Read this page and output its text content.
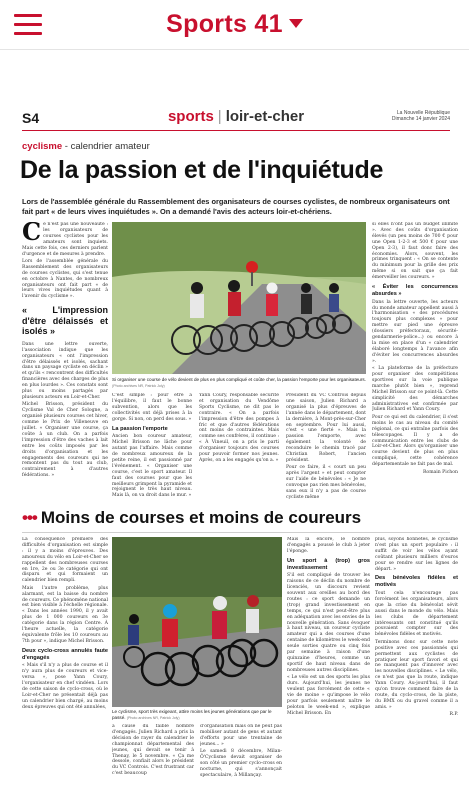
Sports 41
S4	sports | loir-et-cher	La Nouvelle République
Dimanche 14 janvier 2024
cyclisme - calendrier amateur
De la passion et de l'inquiétude
Lors de l'assemblée générale du Rassemblement des organisateurs de courses cyclistes, de nombreux organisateurs ont fait part « de leurs vives inquiétudes ». On a demandé l'avis des acteurs loir-et-chériens.

Ce n'est pas une nouveauté : les organisateurs de courses cyclistes pour les amateurs sont inquiets. Mais cette fois, ces derniers parlent d'urgence et de mesures à prendre.

Lors de l'assemblée générale du Rassemblement des organisateurs de courses cyclistes, qui s'est tenue en octobre à Nantes, de nombreux organisateurs ont fait part « de leurs vives inquiétudes quant à l'avenir du cyclisme ».

« L'impression d'être délaissés et isolés »

Dans une lettre ouverte, l'association indique que les organisateurs « ont l'impression d'être délaissés et isolés, sachant dans un paysage cycliste en déclin » et qu'ils « rencontrent des difficultés financières avec des charges de plus en plus lourdes ». Ces constats sont plus ou moins partagés par plusieurs acteurs en Loir-et-Cher.

Michel Brisson, président du Cyclisme Val de Cher Sologne, a organisé plusieurs courses cet hiver, comme le Prix de Villeneuve en juillet. « Organiser une course, ça coûte à un club. On a parfois l'impression d'être des vaches à lait entre les coûts imposés par les droits d'organisation et les engagements des coureurs qui ne remontent pas du tout au club, contrairement à d'autres fédérations. »

Si organiser une course de vélo devient de plus en plus compliqué et coûte cher, la passion l'emporte pour les organisateurs. (Photo archives NR, Patrick Joly)

C'est simple : pour être à l'équilibre, il faut le bonne subvention, alors que les collectivités ont déjà prises à la gorge. Si non, on perd des sous. »

La passion l'emporte

Ancien bon coureur amateur, Michel Brisson ne lâche pour autant pas l'affaire. Mais comme de nombreux amoureux de la petite reine, il est passionné par l'événement. « Organiser une course, c'est le sport amateur. Il faut des courses pour que les meilleurs grimpent la pyramide et rejoignent le très haut niveau. Mais là, on va droit dans le mur. »

Yann Coury, responsable sécurité et organisation du Vendôme Sports Cyclisme, ne dit pas le contraire. « On a parfois l'impression d'être des pompes à fric et que d'autres fédérations ont moins de contraintes. Mais comme ses confrères, il continue : « À Vineuil, on a pris le parti d'organiser toujours des courses pour pouvoir former nos jeunes. Après, on a les engagés qu'on a. »

Président du VC Controis depuis une saison, Julien Richard a organisé la plus d'épreuves de l'année dans le département, dont la dernière, à Mont-près-sur-Cher en septembre. Pour lui aussi, c'est « une fierté ». Mais la passion l'emporte, avec également la volonté de reconduire le chemin tracé par Christian Robert, l'ancien président.

Pour ce faire, il « court un peu après l'argent » et peut compter sur l'aide de bénévoles : « Je ne convoque pas rien mes bénévoles, sans eux il n'y a pas de course cycliste même

si elles n'ont pas un budget illimité ». Avec des coûts d'organisation élevés (un peu moins de 700 € pour une Open 1-2-3 et 500 € pour une Open 2-3), il faut donc faire des économies. Alors, souvent, les primes trinquent : « On se contente du minimum pour la grille des prix même si on sait que ça fait émerveiller les coureurs. »

« Éviter les concurrences absurdes »

Dans la lettre ouverte, les acteurs du monde amateur appellent aussi à l'harmonisation « des procédures toujours plus complexes » pour mettre sur pied une épreuve (dossiers préfectoraux, sécurité-gendarmerie-police...) ou encore à la mise en place d'un « calendrier élaboré longtemps à l'avance afin d'éviter les concurrences absurdes ».

« La plateforme de la préfecture pour organiser des compétitions sportives sur la voie publique marche plutôt bien », reprend Michel Brisson sur ce point-là. Cette simplicité des démarches administratives est confirmée par Julien Richard et Yann Coury.

Pour ce qui est du calendrier, il s'est moins le cas au niveau du comité régional, ce qui entraîne parfois des télescopages. Il y a de communication entre les clubs de Loir-et-Cher. Alors qu'organiser une course devient de plus en plus compliqué, cette cohérence départementale ne fait pas de mal.

Romain Pichon

••• Moins de courses et moins de coureurs

La conséquence première des difficultés d'organisation est simple : il y a moins d'épreuves. Des amoureux du vélo en Loir-et-Cher se rappellent des nombreuses courses en 1re, 2e ou 3e catégorie qui ont disparu et qui formaient un calendrier bien rempli.

Mais l'autre problème, plus alarmant, est la baisse du nombre de coureurs. Ce phénomène national est bien visible à l'échelle régionale. « Dans les années 1990, il y avait plus de 1 000 coureurs en 3e catégorie dans la région Centre. À l'heure actuelle, la catégorie équivalente frôle les 10 coureurs au 7th pour », indique Michel Brisson.

Deux cyclo-cross annulés faute d'engagés

« Mais s'il n'y a plus de course et il n'y aura plus de coureurs et vice-versa », pose Yann Coury, l'organisateur en chef vindéen. Lors de cette saison de cyclo-cross, où le Loir-et-Cher ne présentait déjà pas un calendrier bien chargé, au moins deux épreuves qui ont été annulées,

Le cyclisme, sport très exigeant, attire moins les jeunes générations que par le passé. (Photo archives NR, Patrick Joly)

à cause du faible nombre d'engagés. Julien Richard a pris la décision de rayer du calendrier le championnat départemental des jeunes, qui devait se tenir à Thenay, le 5 novembre. « Ça me dessole, confiait alors le président du VC Controis. C'est frustrant car c'est beaucoup

d'organisation mais on ne peut pas mobiliser autant de gens et autant d'efforts pour une trentaine de jeunes... »

Le samedi 8 décembre, Milan-Ô'Cyclisme devait organiser de son côté un premier cyclo-cross en nocturne, qui s'annonçait spectaculaire, à Millançay.

Mais là encore, le nombre d'engagés a poussé le club à jeter l'éponge.

Un sport à (trop) gros investissement

S'il est compliqué de trouver les raisons de ce déclin du nombre de licenciés, un discours revient souvent aux oreilles au bord des routes : ce sport demande un (trop) grand investissement en temps, ce qui n'est peut-être plus en adéquation avec les envies de la nouvelle génération. Sans évoquer à haut niveau, un coureur cycliste amateur qui a des courses d'une centaine de kilomètres le week-end seule sorties quatre ou cinq fois par semaine à raison d'une quinzaine d'heures, comme un sportif de haut niveau dans de nombreuses autres disciplines.

« Le vélo est un des sports les plus durs. Aujourd'hui, les jeunes ne veulent pas forcément de cette « vie de moine » qu'impose le vélo pour parfois seulement naître le peloton le week-end », explique Michel Brisson. En

plus, soyons honnêtes, le cyclisme n'est plus un sport populaire : il suffit de voir les vélos ayant coûtant plusieurs milliers d'euros pour se rendre sur les lignes de départ. »

Des bénévoles fidèles et motivés

Tout cela n'encourage pas forcément les organisateurs, alors que la crise du bénévolat sévit aussi dans le monde du vélo. Mais les clubs de département intéressants ont constitué qu'ils pouvaient compter sur des bénévoles fidèles et motivés.

Terminons donc sur cette note positive avec ces passionnés qui permettent aux cyclistes de pratiquer leur sport favori et qui ne manquent pas d'innover avec les nouvelles disciplines. « Le vélo, ce n'est pas que la route, indique Yann Coury. Au-jourd'hui, il faut qu'on trouve comment faire de la route, du cyclo-cross, de la piste, du BMX ou du gravel comme il a amis. »

R.P.
